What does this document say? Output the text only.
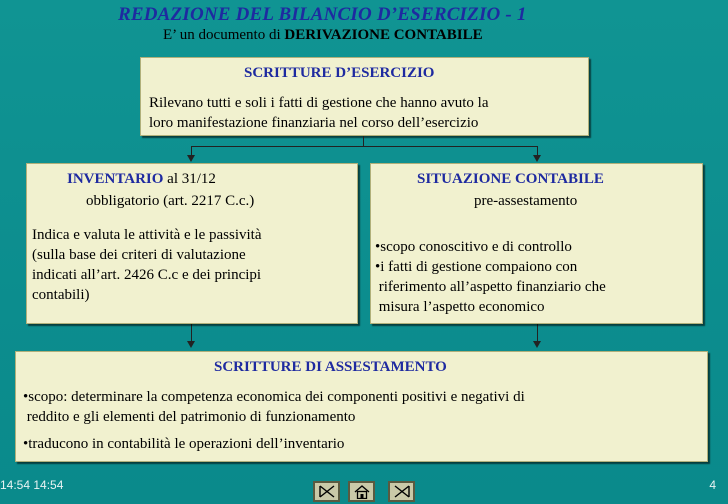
REDAZIONE DEL BILANCIO D’ESERCIZIO - 1
E’ un documento di DERIVAZIONE CONTABILE
SCRITTURE D’ESERCIZIO

Rilevano tutti e soli i fatti di gestione che hanno avuto la

loro manifestazione finanziaria nel corso dell’esercizio

INVENTARIO al 31/12

obbligatorio (art. 2217 C.c.)

Indica e valuta le attività e le passività

(sulla base dei criteri di valutazione

indicati all’art. 2426 C.c e dei principi

contabili)

SITUAZIONE CONTABILE

pre-assestamento

•scopo conoscitivo e di controllo
•i fatti di gestione compaiono con
riferimento all’aspetto finanziario che
misura l’aspetto economico
SCRITTURE DI ASSESTAMENTO
•scopo: determinare la competenza economica dei componenti positivi e negativi di
reddito e gli elementi del patrimonio di funzionamento
•traducono in contabilità le operazioni dell’inventario
14:54 14:54	4
